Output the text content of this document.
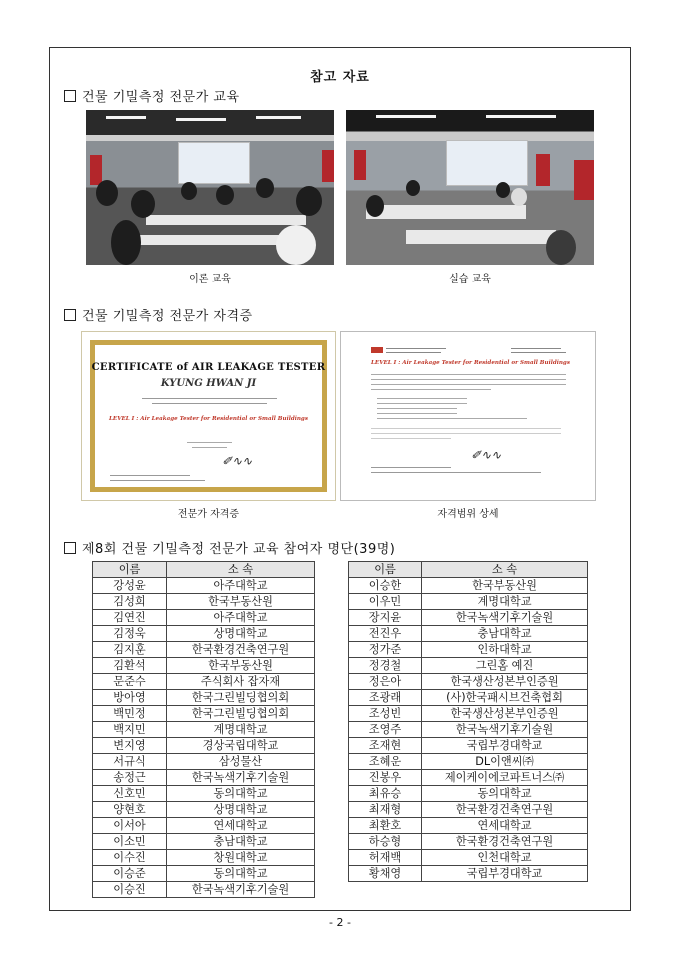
참고 자료
건물 기밀측정 전문가 교육
이론 교육	실습 교육
건물 기밀측정 전문가 자격증
CERTIFICATE of AIR LEAKAGE TESTER
KYUNG HWAN JI
LEVEL I : Air Leakage Tester for Residential or Small Buildings
✐∿∿
전문가 자격증
LEVEL I : Air Leakage Tester for Residential or Small Buildings
✐∿∿
자격범위 상세
제8회 건물 기밀측정 전문가 교육 참여자 명단(39명)
이름	소 속
강성윤	아주대학교
김성희	한국부동산원
김연진	아주대학교
김정욱	상명대학교
김지훈	한국환경건축연구원
김환석	한국부동산원
문준수	주식회사 잡자재
방아영	한국그린빌딩협의회
백민정	한국그린빌딩협의회
백지민	계명대학교
변지영	경상국립대학교
서규식	삼성물산
송정근	한국녹색기후기술원
신호민	동의대학교
양현호	상명대학교
이서아	연세대학교
이소민	충남대학교
이수진	창원대학교
이승준	동의대학교
이승진	한국녹색기후기술원
이름	소 속
이승한	한국부동산원
이우민	계명대학교
장지윤	한국녹색기후기술원
전진우	충남대학교
정가준	인하대학교
정경철	그린홈 예진
정은아	한국생산성본부인증원
조광래	(사)한국패시브건축협회
조성빈	한국생산성본부인증원
조영주	한국녹색기후기술원
조재현	국립부경대학교
조혜운	DL이앤씨㈜
진봉우	제이케이에코파트너스㈜
최유승	동의대학교
최재형	한국환경건축연구원
최환호	연세대학교
하승형	한국환경건축연구원
허재백	인천대학교
황채영	국립부경대학교
- 2 -
